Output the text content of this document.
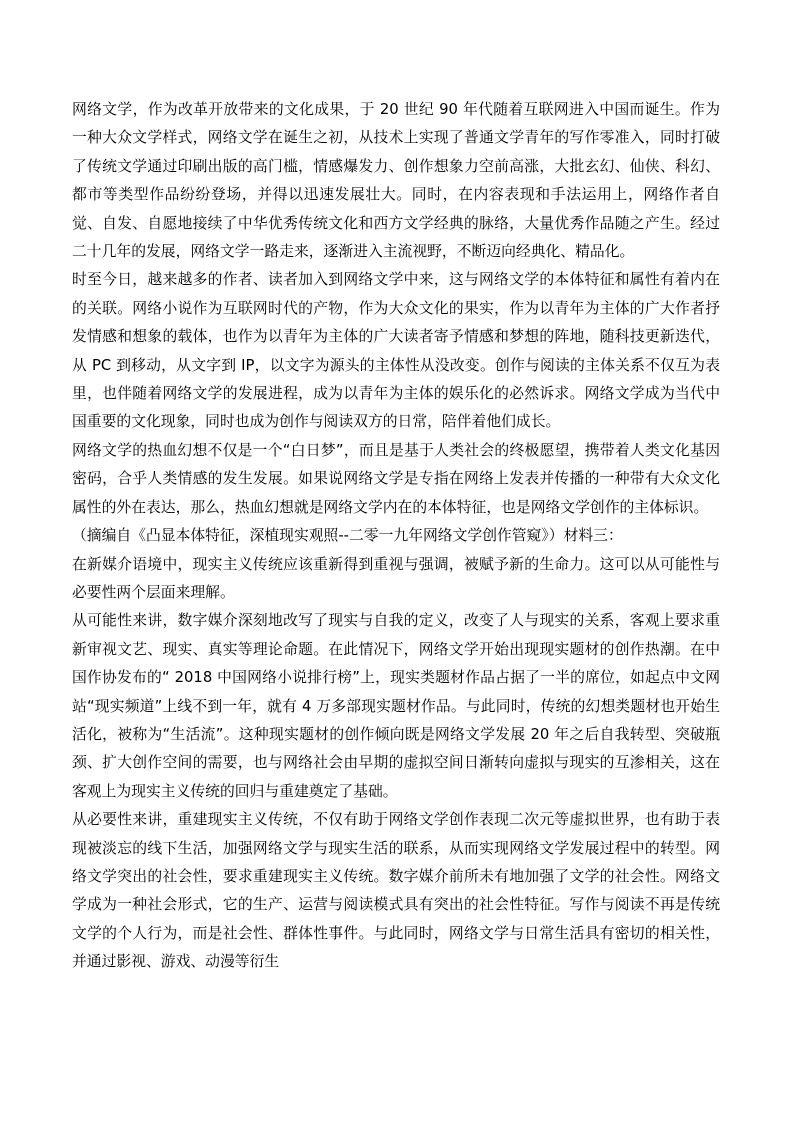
网络文学，作为改革开放带来的文化成果，于 20 世纪 90 年代随着互联网进入中国而诞生。作为一种大众文学样式，网络文学在诞生之初，从技术上实现了普通文学青年的写作零准入，同时打破了传统文学通过印刷出版的高门槛，情感爆发力、创作想象力空前高涨，大批玄幻、仙侠、科幻、都市等类型作品纷纷登场，并得以迅速发展壮大。同时，在内容表现和手法运用上，网络作者自觉、自发、自愿地接续了中华优秀传统文化和西方文学经典的脉络，大量优秀作品随之产生。经过二十几年的发展，网络文学一路走来，逐渐进入主流视野，不断迈向经典化、精品化。

时至今日，越来越多的作者、读者加入到网络文学中来，这与网络文学的本体特征和属性有着内在的关联。网络小说作为互联网时代的产物，作为大众文化的果实，作为以青年为主体的广大作者抒发情感和想象的载体，也作为以青年为主体的广大读者寄予情感和梦想的阵地，随科技更新迭代，从 PC 到移动，从文字到 IP，以文字为源头的主体性从没改变。创作与阅读的主体关系不仅互为表里，也伴随着网络文学的发展进程，成为以青年为主体的娱乐化的必然诉求。网络文学成为当代中国重要的文化现象，同时也成为创作与阅读双方的日常，陪伴着他们成长。

网络文学的热血幻想不仅是一个“白日梦”，而且是基于人类社会的终极愿望，携带着人类文化基因密码，合乎人类情感的发生发展。如果说网络文学是专指在网络上发表并传播的一种带有大众文化属性的外在表达，那么，热血幻想就是网络文学内在的本体特征，也是网络文学创作的主体标识。

（摘编自《凸显本体特征，深植现实观照--二零一九年网络文学创作管窥》）材料三：

在新媒介语境中，现实主义传统应该重新得到重视与强调，被赋予新的生命力。这可以从可能性与必要性两个层面来理解。

从可能性来讲，数字媒介深刻地改写了现实与自我的定义，改变了人与现实的关系，客观上要求重新审视文艺、现实、真实等理论命题。在此情况下，网络文学开始出现现实题材的创作热潮。在中国作协发布的“ 2018 中国网络小说排行榜”上，现实类题材作品占据了一半的席位，如起点中文网站“现实频道”上线不到一年，就有 4 万多部现实题材作品。与此同时，传统的幻想类题材也开始生活化，被称为“生活流”。这种现实题材的创作倾向既是网络文学发展 20 年之后自我转型、突破瓶颈、扩大创作空间的需要，也与网络社会由早期的虚拟空间日渐转向虚拟与现实的互渗相关，这在客观上为现实主义传统的回归与重建奠定了基础。

从必要性来讲，重建现实主义传统，不仅有助于网络文学创作表现二次元等虚拟世界，也有助于表现被淡忘的线下生活，加强网络文学与现实生活的联系，从而实现网络文学发展过程中的转型。网络文学突出的社会性，要求重建现实主义传统。数字媒介前所未有地加强了文学的社会性。网络文学成为一种社会形式，它的生产、运营与阅读模式具有突出的社会性特征。写作与阅读不再是传统文学的个人行为，而是社会性、群体性事件。与此同时，网络文学与日常生活具有密切的相关性，并通过影视、游戏、动漫等衍生
